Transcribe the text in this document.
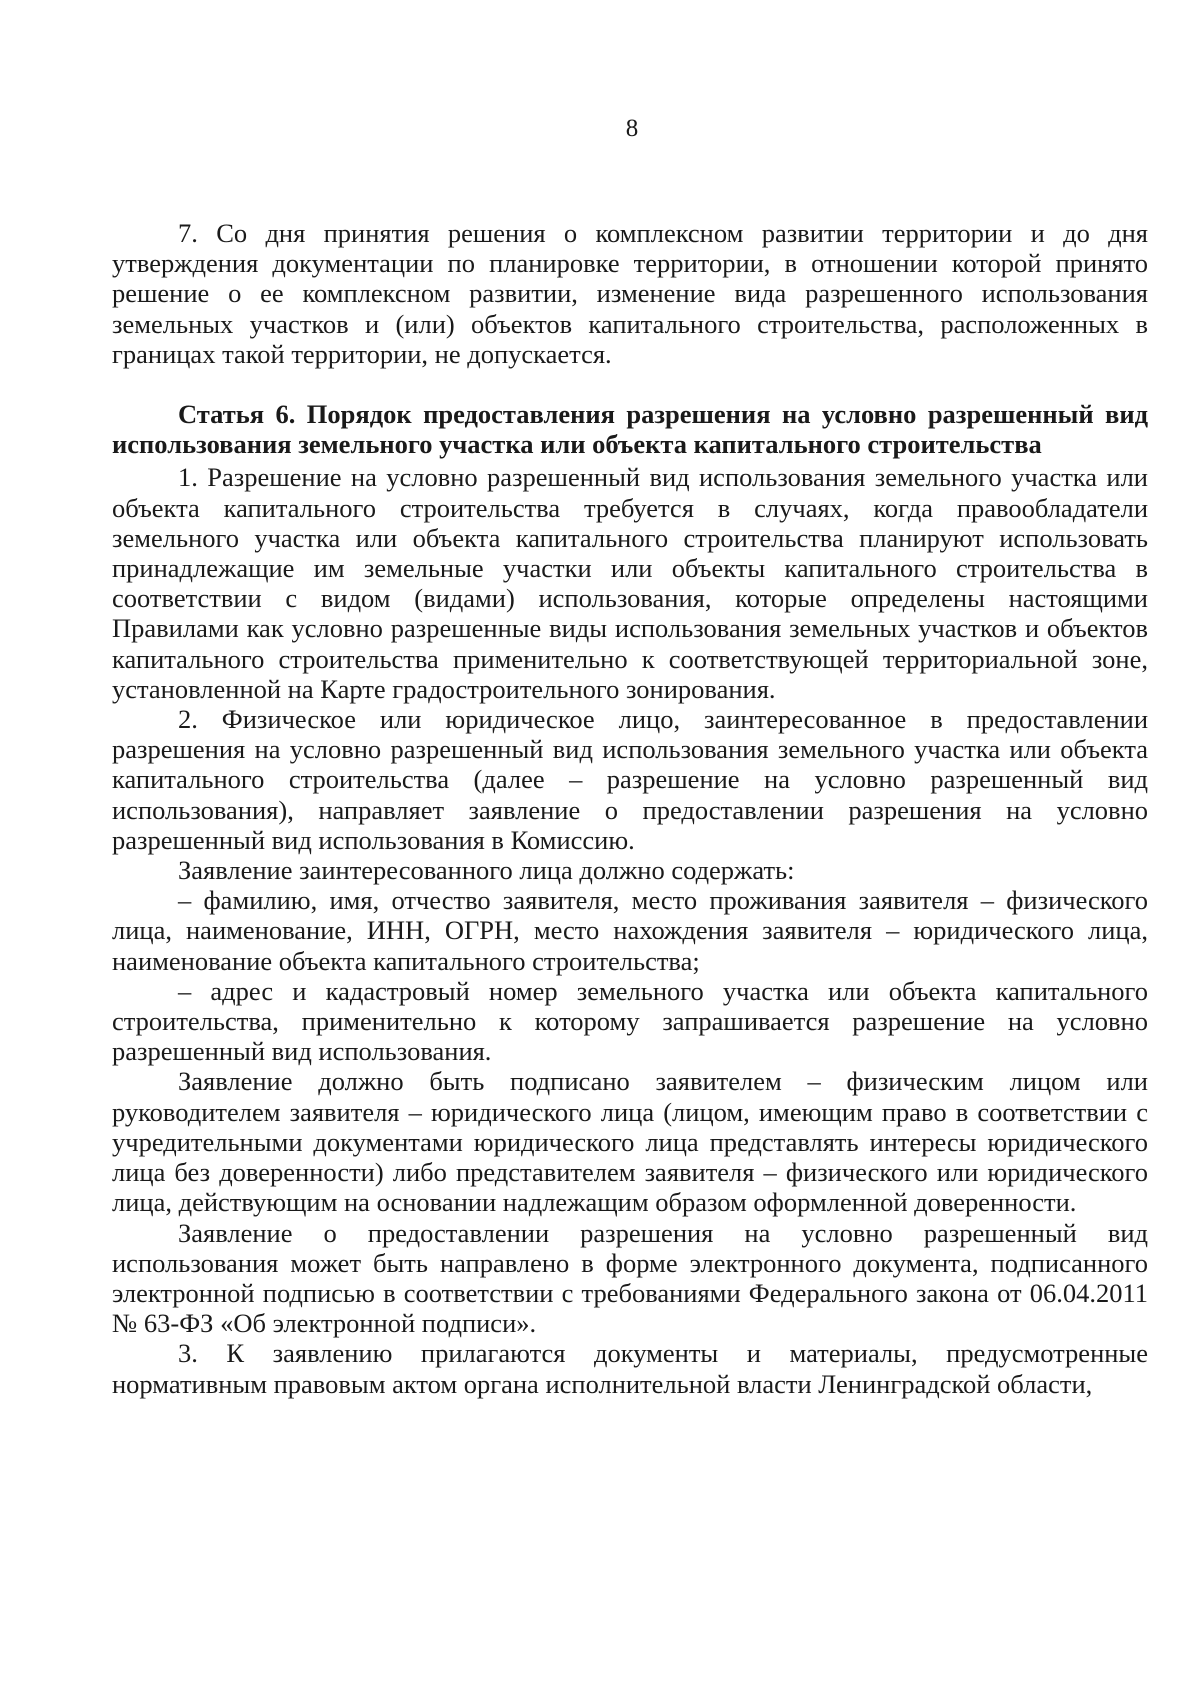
8

7. Со дня принятия решения о комплексном развитии территории и до дня утверждения документации по планировке территории, в отношении которой принято решение о ее комплексном развитии, изменение вида разрешенного использования земельных участков и (или) объектов капитального строительства, расположенных в границах такой территории, не допускается.

Статья 6. Порядок предоставления разрешения на условно разрешенный вид использования земельного участка или объекта капитального строительства

1. Разрешение на условно разрешенный вид использования земельного участка или объекта капитального строительства требуется в случаях, когда правообладатели земельного участка или объекта капитального строительства планируют использовать принадлежащие им земельные участки или объекты капитального строительства в соответствии с видом (видами) использования, которые определены настоящими Правилами как условно разрешенные виды использования земельных участков и объектов капитального строительства применительно к соответствующей территориальной зоне, установленной на Карте градостроительного зонирования.

2. Физическое или юридическое лицо, заинтересованное в предоставлении разрешения на условно разрешенный вид использования земельного участка или объекта капитального строительства (далее – разрешение на условно разрешенный вид использования), направляет заявление о предоставлении разрешения на условно разрешенный вид использования в Комиссию.

Заявление заинтересованного лица должно содержать:

– фамилию, имя, отчество заявителя, место проживания заявителя – физического лица, наименование, ИНН, ОГРН, место нахождения заявителя – юридического лица, наименование объекта капитального строительства;

– адрес и кадастровый номер земельного участка или объекта капитального строительства, применительно к которому запрашивается разрешение на условно разрешенный вид использования.

Заявление должно быть подписано заявителем – физическим лицом или руководителем заявителя – юридического лица (лицом, имеющим право в соответствии с учредительными документами юридического лица представлять интересы юридического лица без доверенности) либо представителем заявителя – физического или юридического лица, действующим на основании надлежащим образом оформленной доверенности.

Заявление о предоставлении разрешения на условно разрешенный вид использования может быть направлено в форме электронного документа, подписанного электронной подписью в соответствии с требованиями Федерального закона от 06.04.2011 № 63-ФЗ «Об электронной подписи».

3. К заявлению прилагаются документы и материалы, предусмотренные нормативным правовым актом органа исполнительной власти Ленинградской области,
